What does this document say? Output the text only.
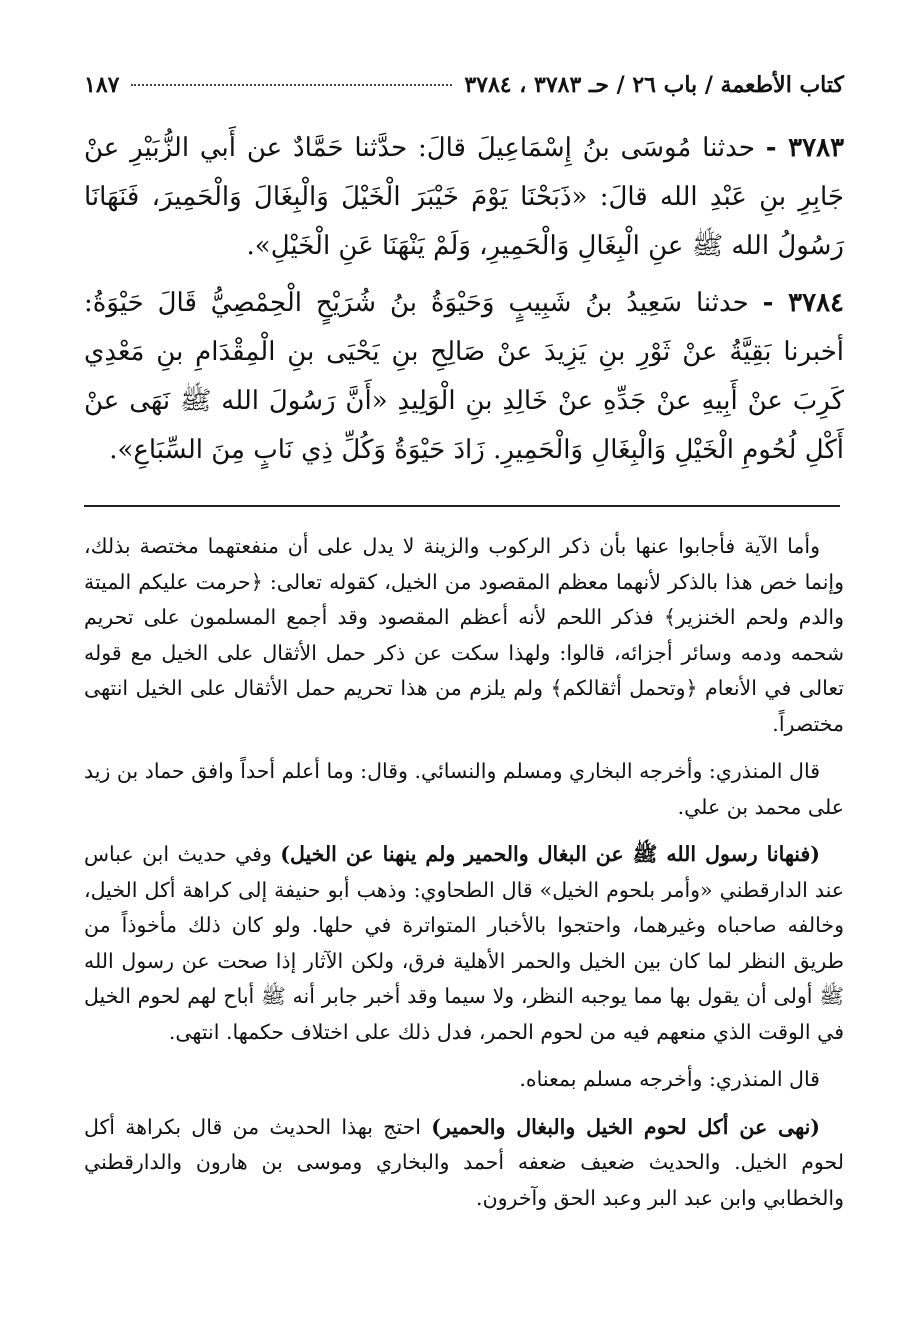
كتاب الأطعمة / باب ٢٦ / حـ ٣٧٨٣ ، ٣٧٨٤
١٨٧

٣٧٨٣ - حدثنا مُوسَى بنُ إِسْمَاعِيلَ قالَ: حدَّثنا حَمَّادٌ عن أَبي الزُّبَيْرِ عنْ جَابِرِ بنِ عَبْدِ الله قالَ: «ذَبَحْنَا يَوْمَ خَيْبَرَ الْخَيْلَ وَالْبِغَالَ وَالْحَمِيرَ، فَنَهَانَا رَسُولُ الله ﷺ عنِ الْبِغَالِ وَالْحَمِيرِ، وَلَمْ يَنْهَنَا عَنِ الْخَيْلِ».

٣٧٨٤ - حدثنا سَعِيدُ بنُ شَبِيبٍ وَحَيْوَةُ بنُ شُرَيْحٍ الْحِمْصِيُّ قَالَ حَيْوَةُ: أخبرنا بَقِيَّةُ عنْ ثَوْرِ بنِ يَزِيدَ عنْ صَالِحِ بنِ يَحْيَى بنِ الْمِقْدَامِ بنِ مَعْدِي كَرِبَ عنْ أَبِيهِ عنْ جَدِّهِ عنْ خَالِدِ بنِ الْوَلِيدِ «أَنَّ رَسُولَ الله ﷺ نَهَى عنْ أَكْلِ لُحُومِ الْخَيْلِ وَالْبِغَالِ وَالْحَمِيرِ. زَادَ حَيْوَةُ وَكُلِّ ذِي نَابٍ مِنَ السِّبَاعِ».

وأما الآية فأجابوا عنها بأن ذكر الركوب والزينة لا يدل على أن منفعتهما مختصة بذلك، وإنما خص هذا بالذكر لأنهما معظم المقصود من الخيل، كقوله تعالى: ﴿حرمت عليكم الميتة والدم ولحم الخنزير﴾ فذكر اللحم لأنه أعظم المقصود وقد أجمع المسلمون على تحريم شحمه ودمه وسائر أجزائه، قالوا: ولهذا سكت عن ذكر حمل الأثقال على الخيل مع قوله تعالى في الأنعام ﴿وتحمل أثقالكم﴾ ولم يلزم من هذا تحريم حمل الأثقال على الخيل انتهى مختصراً.

قال المنذري: وأخرجه البخاري ومسلم والنسائي. وقال: وما أعلم أحداً وافق حماد بن زيد على محمد بن علي.

(فنهانا رسول الله ﷺ عن البغال والحمير ولم ينهنا عن الخيل) وفي حديث ابن عباس عند الدارقطني «وأمر بلحوم الخيل» قال الطحاوي: وذهب أبو حنيفة إلى كراهة أكل الخيل، وخالفه صاحباه وغيرهما، واحتجوا بالأخبار المتواترة في حلها. ولو كان ذلك مأخوذاً من طريق النظر لما كان بين الخيل والحمر الأهلية فرق، ولكن الآثار إذا صحت عن رسول الله ﷺ أولى أن يقول بها مما يوجبه النظر، ولا سيما وقد أخبر جابر أنه ﷺ أباح لهم لحوم الخيل في الوقت الذي منعهم فيه من لحوم الحمر، فدل ذلك على اختلاف حكمها. انتهى.

قال المنذري: وأخرجه مسلم بمعناه.

(نهى عن أكل لحوم الخيل والبغال والحمير) احتج بهذا الحديث من قال بكراهة أكل لحوم الخيل. والحديث ضعيف ضعفه أحمد والبخاري وموسى بن هارون والدارقطني والخطابي وابن عبد البر وعبد الحق وآخرون.
